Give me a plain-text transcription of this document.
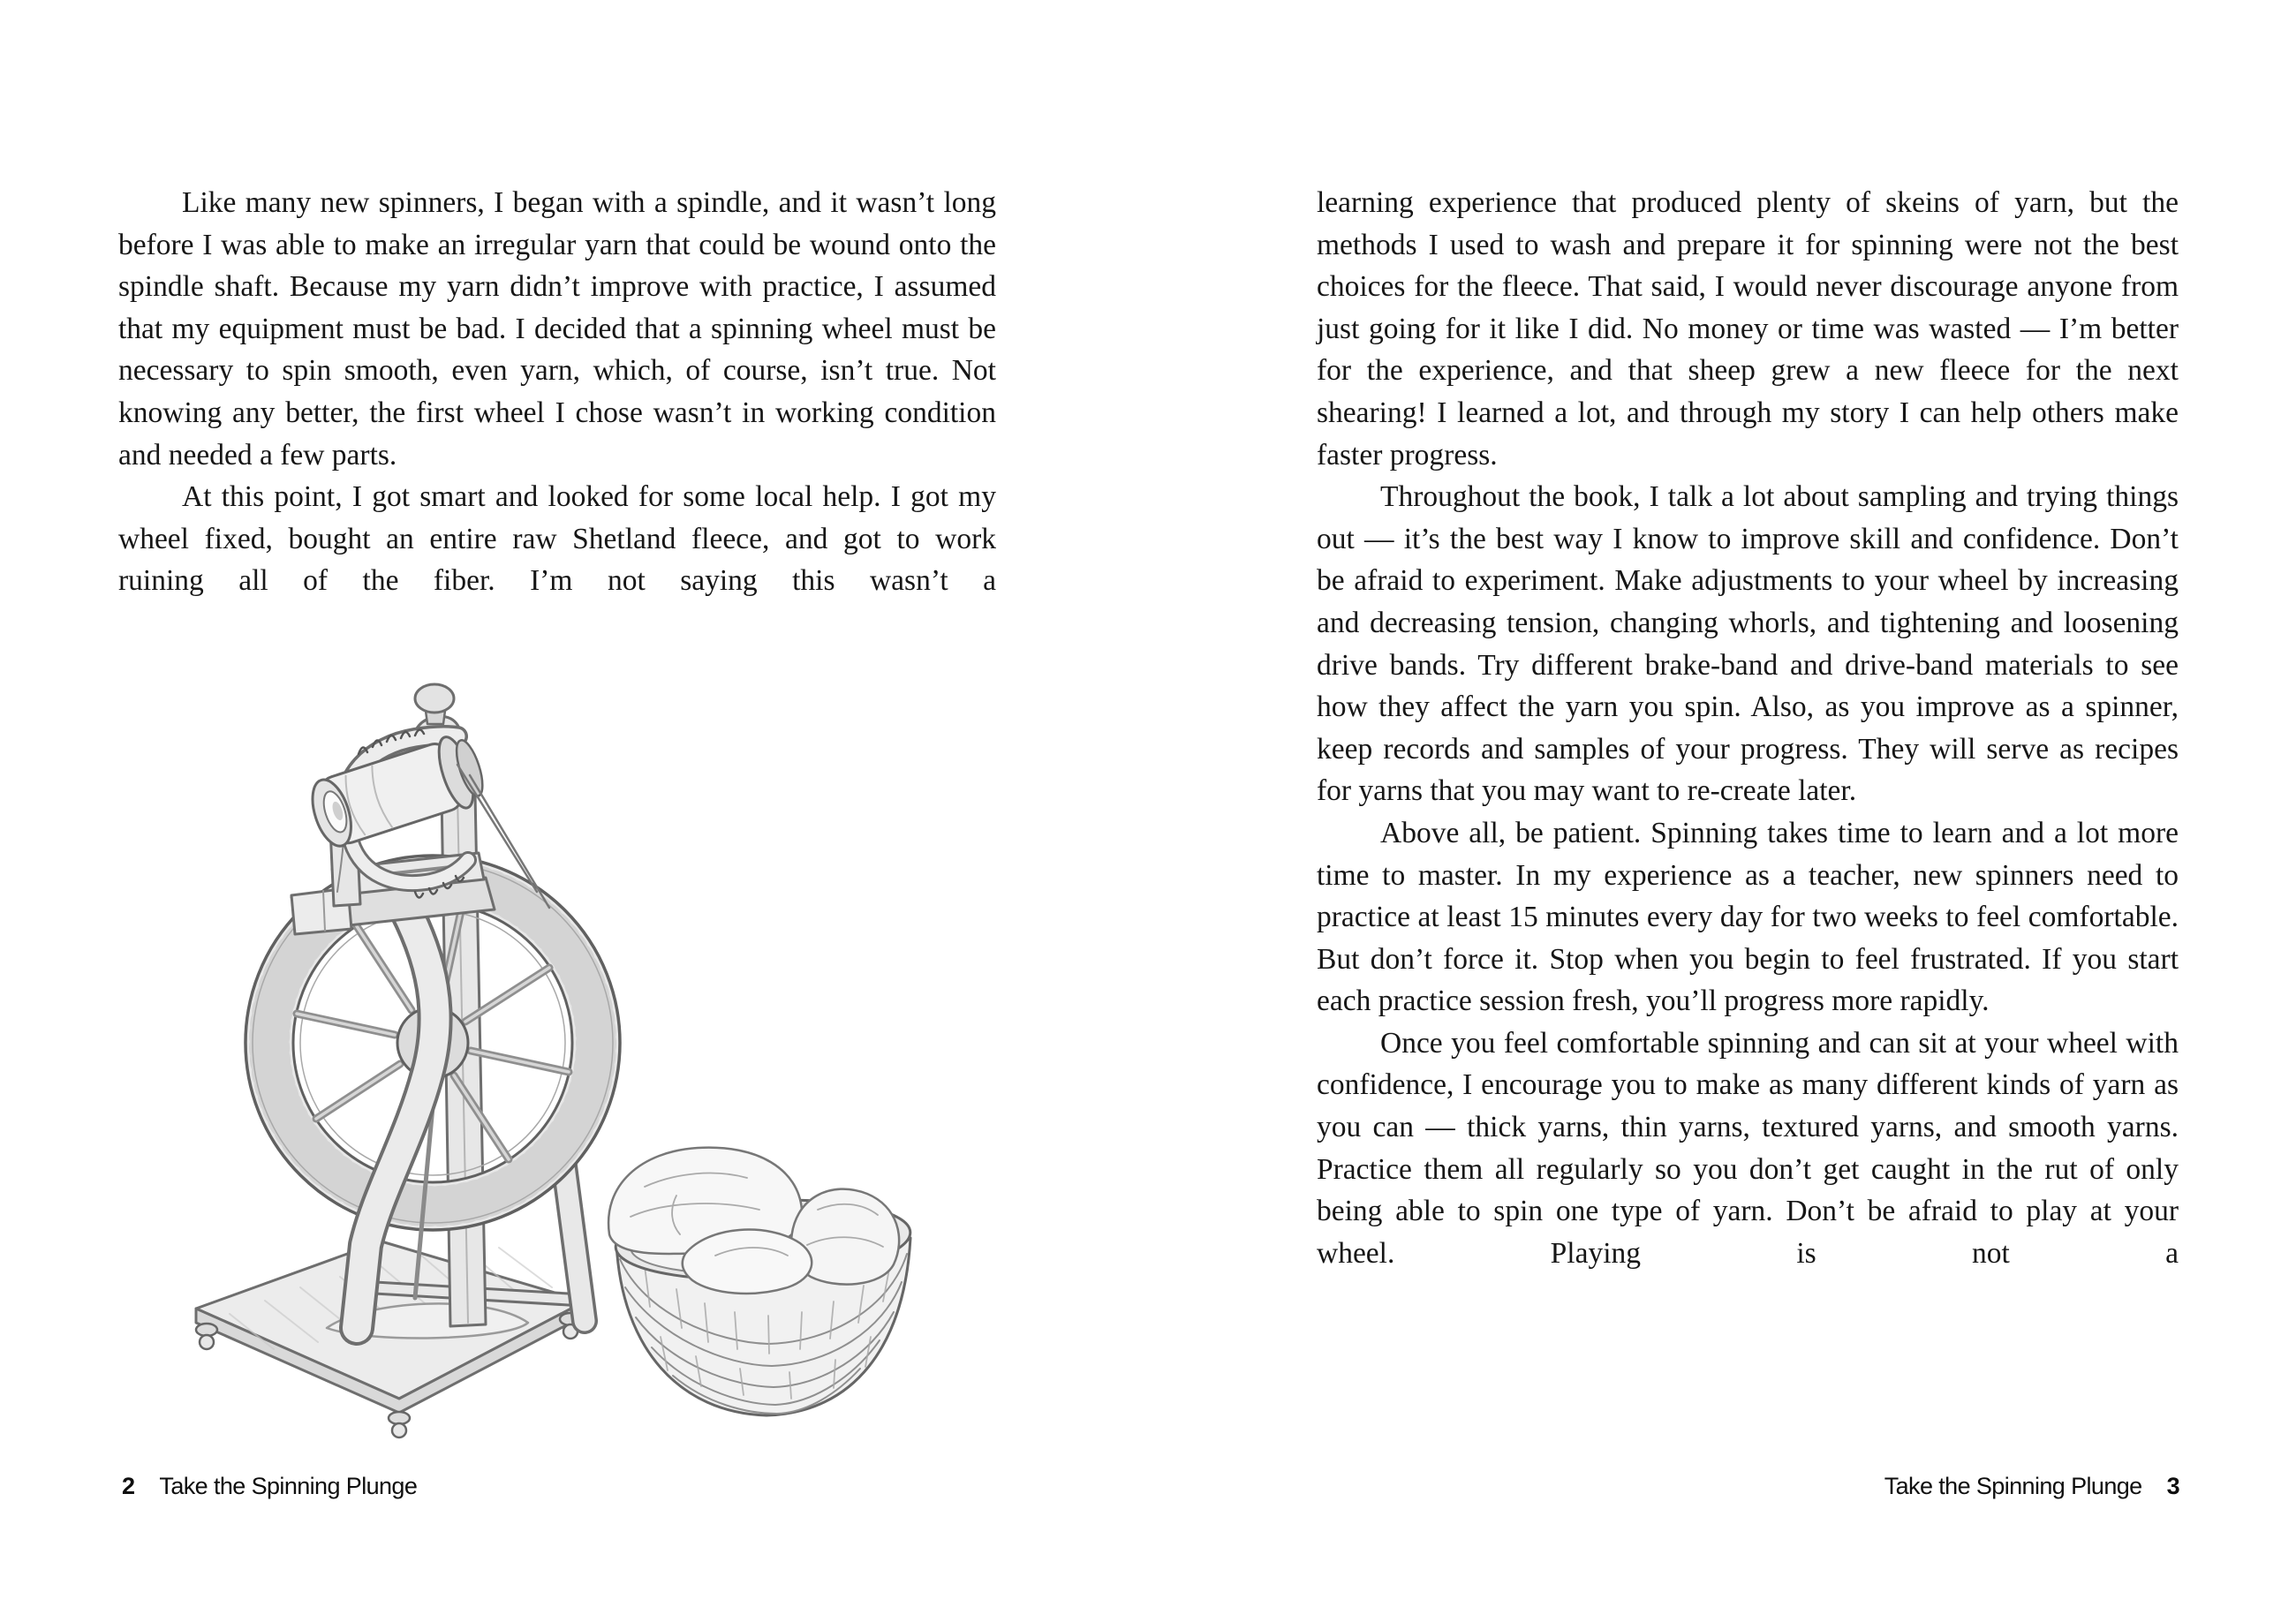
Like many new spinners, I began with a spindle, and it wasn’t long before I was able to make an irregular yarn that could be wound onto the spindle shaft. Because my yarn didn’t improve with practice, I assumed that my equipment must be bad. I decided that a spinning wheel must be necessary to spin smooth, even yarn, which, of course, isn’t true. Not knowing any better, the first wheel I chose wasn’t in working condition and needed a few parts.

At this point, I got smart and looked for some local help. I got my wheel fixed, bought an entire raw Shetland fleece, and got to work ruining all of the fiber. I’m not saying this wasn’t a

learning experience that produced plenty of skeins of yarn, but the methods I used to wash and prepare it for spinning were not the best choices for the fleece. That said, I would never discourage anyone from just going for it like I did. No money or time was wasted — I’m better for the experience, and that sheep grew a new fleece for the next shearing! I learned a lot, and through my story I can help others make faster progress.

Throughout the book, I talk a lot about sampling and trying things out — it’s the best way I know to improve skill and confidence. Don’t be afraid to experiment. Make adjustments to your wheel by increasing and decreasing tension, changing whorls, and tightening and loosening drive bands. Try different brake-band and drive-band materials to see how they affect the yarn you spin. Also, as you improve as a spinner, keep records and samples of your progress. They will serve as recipes for yarns that you may want to re-create later.

Above all, be patient. Spinning takes time to learn and a lot more time to master. In my experience as a teacher, new spinners need to practice at least 15 minutes every day for two weeks to feel comfortable. But don’t force it. Stop when you begin to feel frustrated. If you start each practice session fresh, you’ll progress more rapidly.

Once you feel comfortable spinning and can sit at your wheel with confidence, I encourage you to make as many different kinds of yarn as you can — thick yarns, thin yarns, textured yarns, and smooth yarns. Practice them all regularly so you don’t get caught in the rut of only being able to spin one type of yarn. Don’t be afraid to play at your wheel. Playing is not a

2 Take the Spinning Plunge	Take the Spinning Plunge 3
